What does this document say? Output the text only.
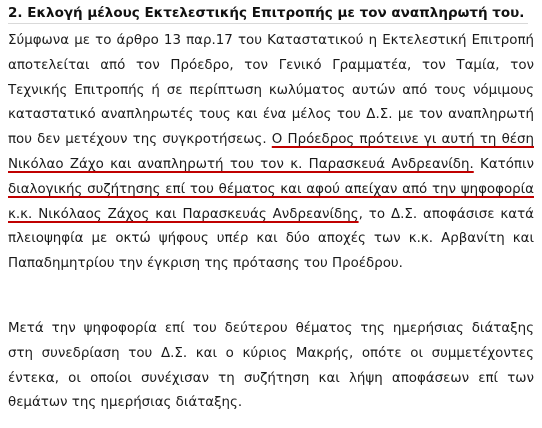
2. Εκλογή μέλους Εκτελεστικής Επιτροπής με τον αναπληρωτή του.
Σύμφωνα με το άρθρο 13 παρ.17 του Καταστατικού η Εκτελεστική Επιτροπή
αποτελείται από τον Πρόεδρο, τον Γενικό Γραμματέα, τον Ταμία, τον
Τεχνικής Επιτροπής ή σε περίπτωση κωλύματος αυτών από τους νόμιμους
καταστατικό αναπληρωτές τους και ένα μέλος του Δ.Σ. με τον αναπληρωτή
που δεν μετέχουν της συγκροτήσεως. Ο Πρόεδρος πρότεινε γι αυτή τη θέση
Νικόλαο Ζάχο και αναπληρωτή του τον κ. Παρασκευά Ανδρεανίδη. Κατόπιν
διαλογικής συζήτησης επί του θέματος και αφού απείχαν από την ψηφοφορία
κ.κ. Νικόλαος Ζάχος και Παρασκευάς Ανδρεανίδης, το Δ.Σ. αποφάσισε κατά
πλειοψηφία με οκτώ ψήφους υπέρ και δύο αποχές των κ.κ. Αρβανίτη και
Παπαδημητρίου την έγκριση της πρότασης του Προέδρου.
Μετά την ψηφοφορία επί του δεύτερου θέματος της ημερήσιας διάταξης
στη συνεδρίαση του Δ.Σ. και ο κύριος Μακρής, οπότε οι συμμετέχοντες
έντεκα, οι οποίοι συνέχισαν τη συζήτηση και λήψη αποφάσεων επί των
θεμάτων της ημερήσιας διάταξης.
